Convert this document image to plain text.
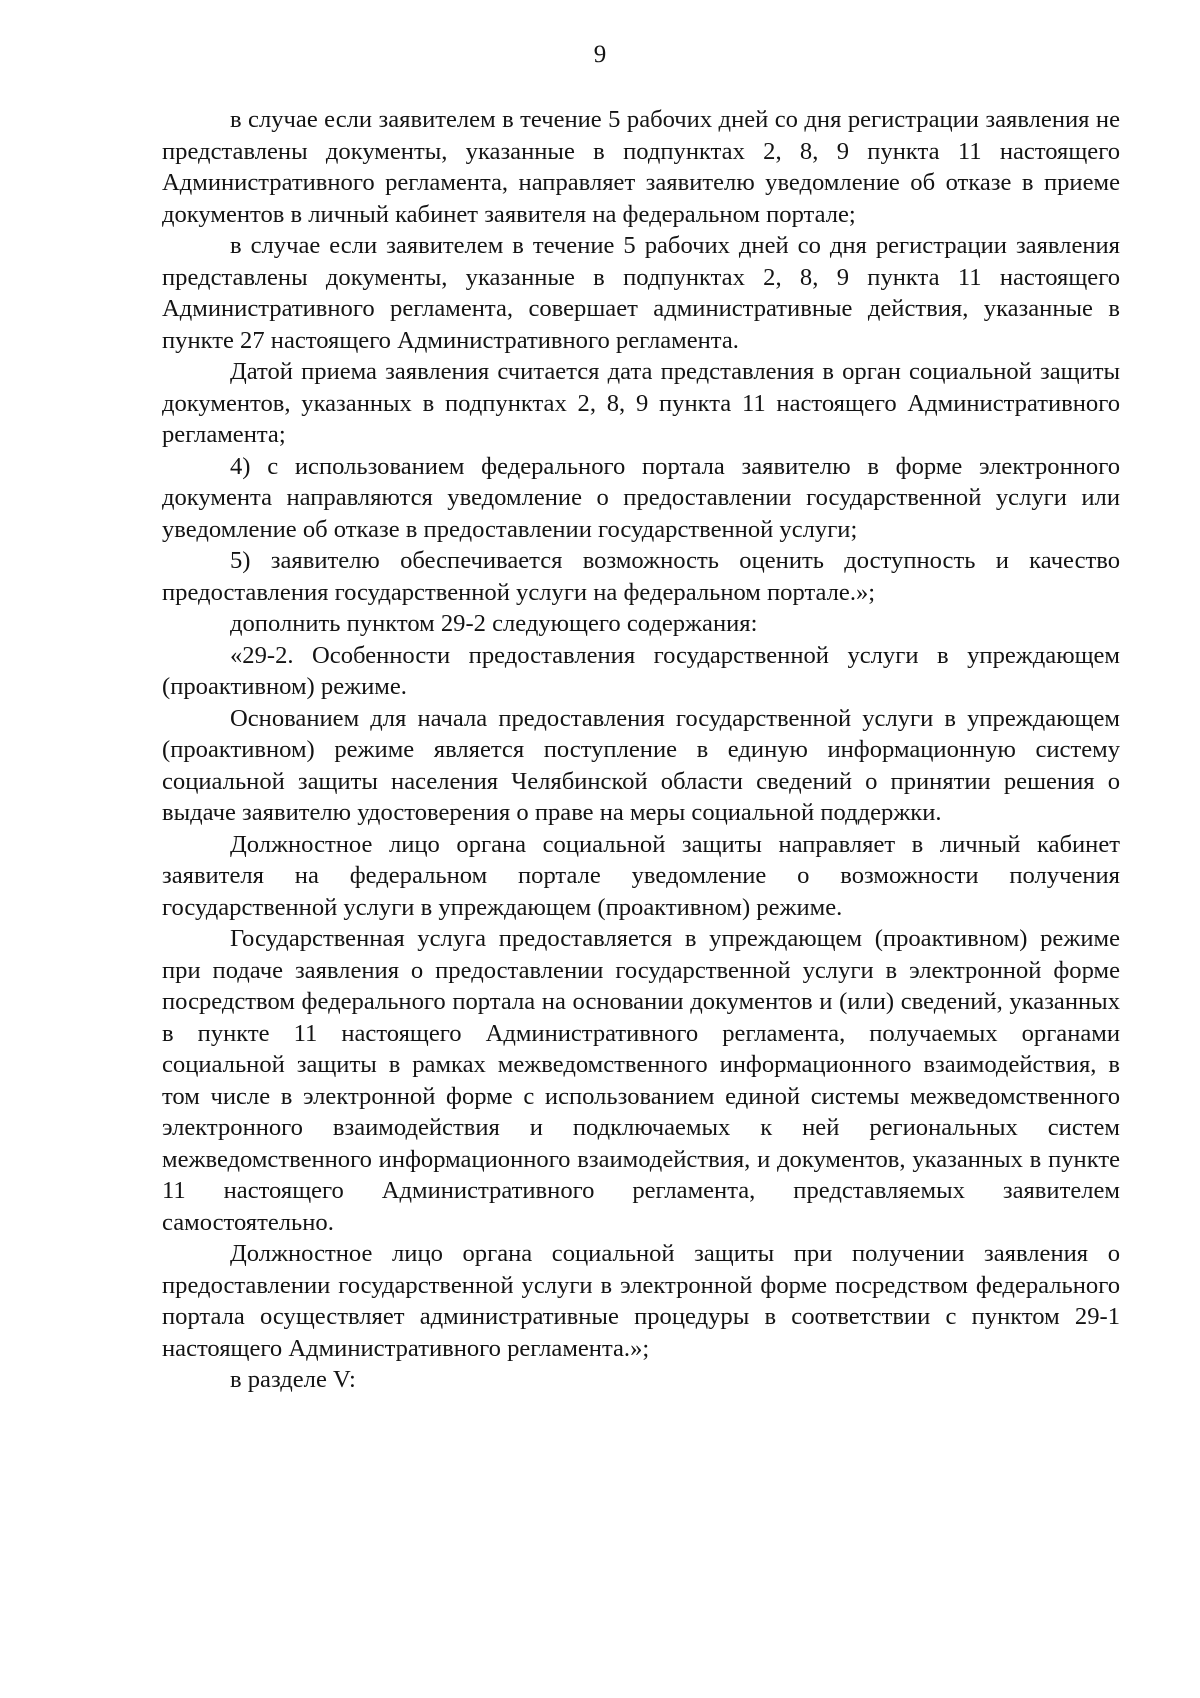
9

в случае если заявителем в течение 5 рабочих дней со дня регистрации заявления не представлены документы, указанные в подпунктах 2, 8, 9 пункта 11 настоящего Административного регламента, направляет заявителю уведомление об отказе в приеме документов в личный кабинет заявителя на федеральном портале;

в случае если заявителем в течение 5 рабочих дней со дня регистрации заявления представлены документы, указанные в подпунктах 2, 8, 9 пункта 11 настоящего Административного регламента, совершает административные действия, указанные в пункте 27 настоящего Административного регламента.

Датой приема заявления считается дата представления в орган социальной защиты документов, указанных в подпунктах 2, 8, 9 пункта 11 настоящего Административного регламента;

4) с использованием федерального портала заявителю в форме электронного документа направляются уведомление о предоставлении государственной услуги или уведомление об отказе в предоставлении государственной услуги;

5) заявителю обеспечивается возможность оценить доступность и качество предоставления государственной услуги на федеральном портале.»;

дополнить пунктом 29-2 следующего содержания:

«29-2. Особенности предоставления государственной услуги в упреждающем (проактивном) режиме.

Основанием для начала предоставления государственной услуги в упреждающем (проактивном) режиме является поступление в единую информационную систему социальной защиты населения Челябинской области сведений о принятии решения о выдаче заявителю удостоверения о праве на меры социальной поддержки.

Должностное лицо органа социальной защиты направляет в личный кабинет заявителя на федеральном портале уведомление о возможности получения государственной услуги в упреждающем (проактивном) режиме.

Государственная услуга предоставляется в упреждающем (проактивном) режиме при подаче заявления о предоставлении государственной услуги в электронной форме посредством федерального портала на основании документов и (или) сведений, указанных в пункте 11 настоящего Административного регламента, получаемых органами социальной защиты в рамках межведомственного информационного взаимодействия, в том числе в электронной форме с использованием единой системы межведомственного электронного взаимодействия и подключаемых к ней региональных систем межведомственного информационного взаимодействия, и документов, указанных в пункте 11 настоящего Административного регламента, представляемых заявителем самостоятельно.

Должностное лицо органа социальной защиты при получении заявления о предоставлении государственной услуги в электронной форме посредством федерального портала осуществляет административные процедуры в соответствии с пунктом 29-1 настоящего Административного регламента.»;

в разделе V:
